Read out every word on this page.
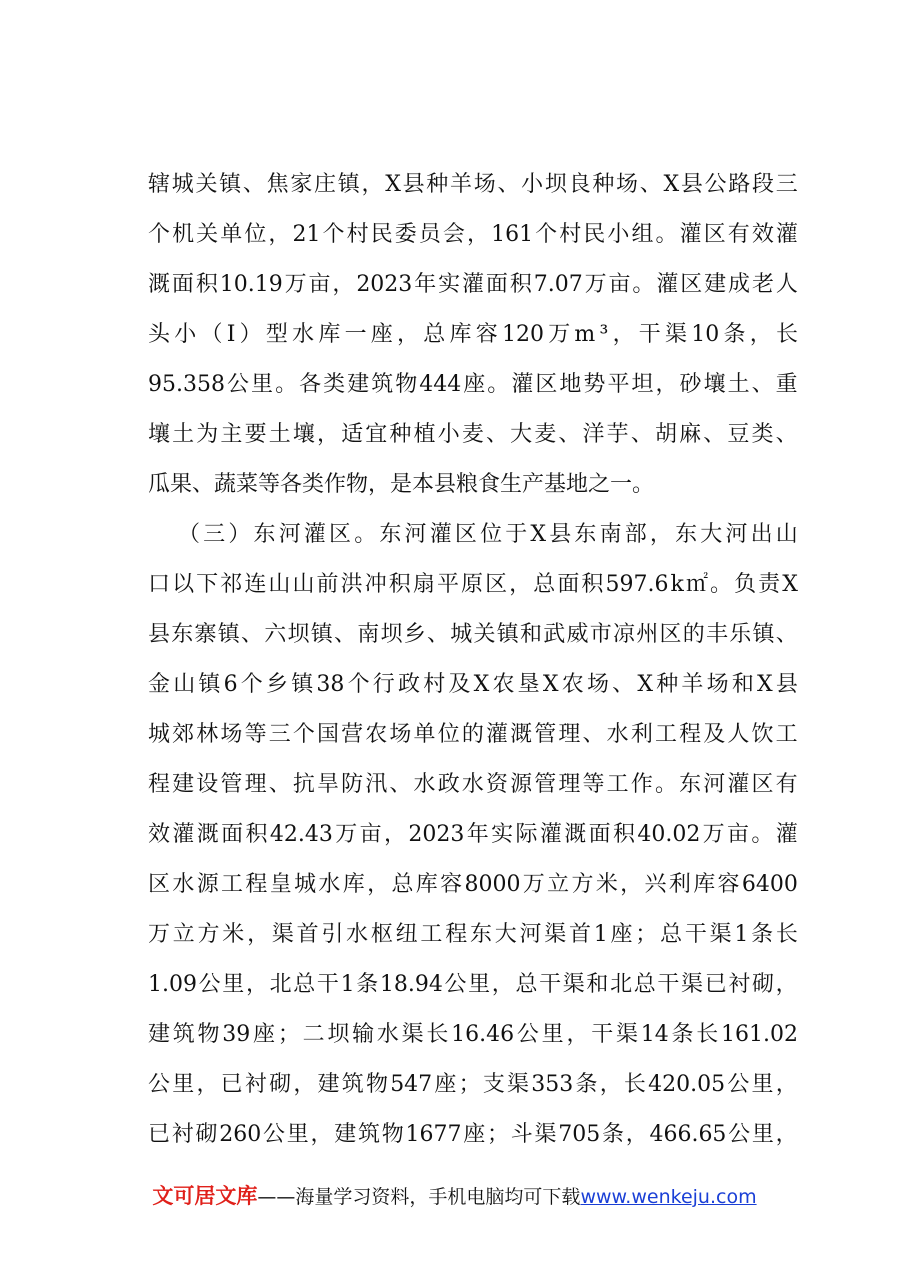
辖 城 关 镇 、 焦 家 庄 镇 ， X 县 种 羊 场 、 小 坝 良 种 场 、 X 县 公 路 段 三
个 机 关 单 位 ， 21 个 村 民 委 员 会 ， 161 个 村 民 小 组 。 灌 区 有 效 灌
溉 面 积 10.19 万 亩 ， 2023 年 实 灌 面 积 7.07 万 亩 。 灌 区 建 成 老 人
头 小 （ I ） 型 水 库 一 座 ， 总 库 容 120 万 m ³ ， 干 渠 10 条 ， 长
95.358 公 里 。 各 类 建 筑 物 444 座 。 灌 区 地 势 平 坦 ， 砂 壤 土 、 重
壤 土 为 主 要 土 壤 ， 适 宜 种 植 小 麦 、 大 麦 、 洋 芋 、 胡 麻 、 豆 类 、
瓜果、蔬菜等各类作物，是本县粮食生产基地之一。
（ 三 ） 东 河 灌 区 。 东 河 灌 区 位 于 X 县 东 南 部 ， 东 大 河 出 山
口 以 下 祁 连 山 山 前 洪 冲 积 扇 平 原 区 ， 总 面 积 597.6 k ㎡ 。 负 责 X
县 东 寨 镇 、 六 坝 镇 、 南 坝 乡 、 城 关 镇 和 武 威 市 凉 州 区 的 丰 乐 镇 、
金 山 镇 6 个 乡 镇 38 个 行 政 村 及 X 农 垦 X 农 场 、 X 种 羊 场 和 X 县
城 郊 林 场 等 三 个 国 营 农 场 单 位 的 灌 溉 管 理 、 水 利 工 程 及 人 饮 工
程 建 设 管 理 、 抗 旱 防 汛 、 水 政 水 资 源 管 理 等 工 作 。 东 河 灌 区 有
效 灌 溉 面 积 42.43 万 亩 ， 2023 年 实 际 灌 溉 面 积 40.02 万 亩 。 灌
区 水 源 工 程 皇 城 水 库 ， 总 库 容 8000 万 立 方 米 ， 兴 利 库 容 6400
万 立 方 米 ， 渠 首 引 水 枢 纽 工 程 东 大 河 渠 首 1 座 ； 总 干 渠 1 条 长
1.09 公 里 ， 北 总 干 1 条 18.94 公 里 ， 总 干 渠 和 北 总 干 渠 已 衬 砌 ，
建 筑 物 39 座 ； 二 坝 输 水 渠 长 16.46 公 里 ， 干 渠 14 条 长 161.02
公 里 ， 已 衬 砌 ， 建 筑 物 547 座 ； 支 渠 353 条 ， 长 420.05 公 里 ，
已 衬 砌 260 公 里 ， 建 筑 物 1677 座 ； 斗 渠 705 条 ， 466.65 公 里 ，
文可居文库——海量学习资料，手机电脑均可下载www.wenkeju.com
